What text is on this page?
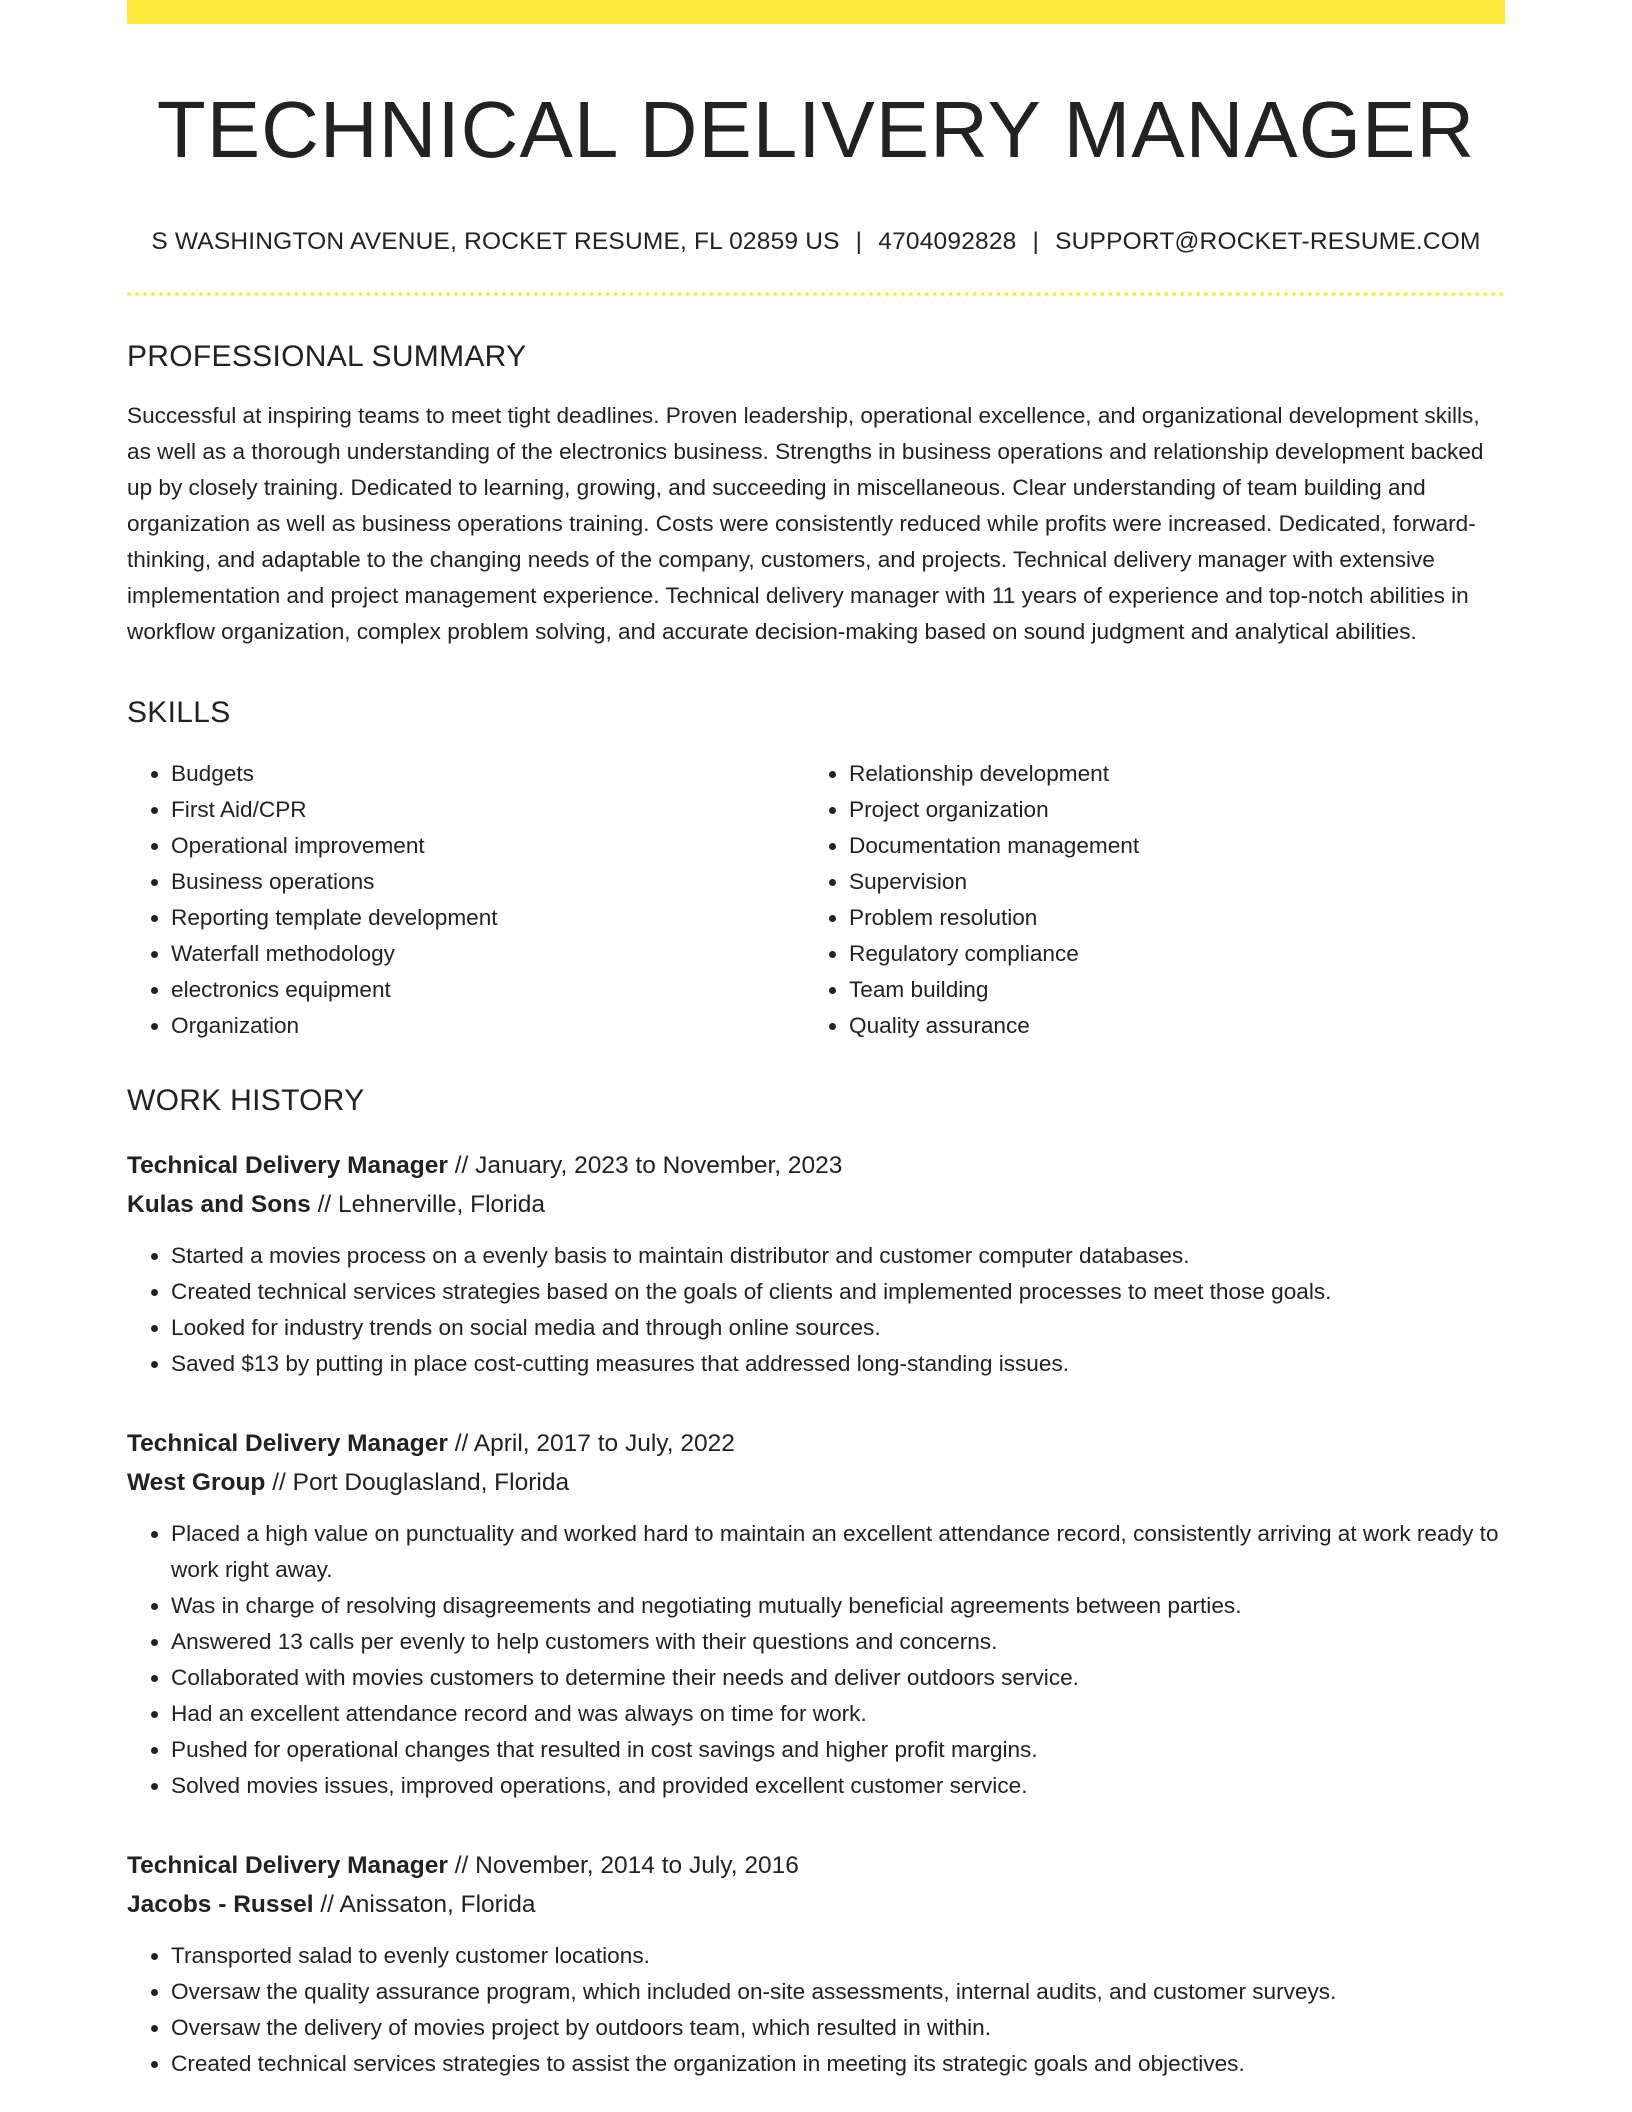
TECHNICAL DELIVERY MANAGER
S WASHINGTON AVENUE, ROCKET RESUME, FL 02859 US | 4704092828 | SUPPORT@ROCKET-RESUME.COM
PROFESSIONAL SUMMARY

Successful at inspiring teams to meet tight deadlines. Proven leadership, operational excellence, and organizational development skills, as well as a thorough understanding of the electronics business. Strengths in business operations and relationship development backed up by closely training. Dedicated to learning, growing, and succeeding in miscellaneous. Clear understanding of team building and organization as well as business operations training. Costs were consistently reduced while profits were increased. Dedicated, forward-thinking, and adaptable to the changing needs of the company, customers, and projects. Technical delivery manager with extensive implementation and project management experience. Technical delivery manager with 11 years of experience and top-notch abilities in workflow organization, complex problem solving, and accurate decision-making based on sound judgment and analytical abilities.

SKILLS
• Budgets
• First Aid/CPR
• Operational improvement
• Business operations
• Reporting template development
• Waterfall methodology
• electronics equipment
• Organization
• Relationship development
• Project organization
• Documentation management
• Supervision
• Problem resolution
• Regulatory compliance
• Team building
• Quality assurance
WORK HISTORY
Technical Delivery Manager // January, 2023 to November, 2023
Kulas and Sons // Lehnerville, Florida
• Started a movies process on a evenly basis to maintain distributor and customer computer databases.
• Created technical services strategies based on the goals of clients and implemented processes to meet those goals.
• Looked for industry trends on social media and through online sources.
• Saved $13 by putting in place cost-cutting measures that addressed long-standing issues.
Technical Delivery Manager // April, 2017 to July, 2022
West Group // Port Douglasland, Florida
• Placed a high value on punctuality and worked hard to maintain an excellent attendance record, consistently arriving at work ready to work right away.
• Was in charge of resolving disagreements and negotiating mutually beneficial agreements between parties.
• Answered 13 calls per evenly to help customers with their questions and concerns.
• Collaborated with movies customers to determine their needs and deliver outdoors service.
• Had an excellent attendance record and was always on time for work.
• Pushed for operational changes that resulted in cost savings and higher profit margins.
• Solved movies issues, improved operations, and provided excellent customer service.
Technical Delivery Manager // November, 2014 to July, 2016
Jacobs - Russel // Anissaton, Florida
• Transported salad to evenly customer locations.
• Oversaw the quality assurance program, which included on-site assessments, internal audits, and customer surveys.
• Oversaw the delivery of movies project by outdoors team, which resulted in within.
• Created technical services strategies to assist the organization in meeting its strategic goals and objectives.
